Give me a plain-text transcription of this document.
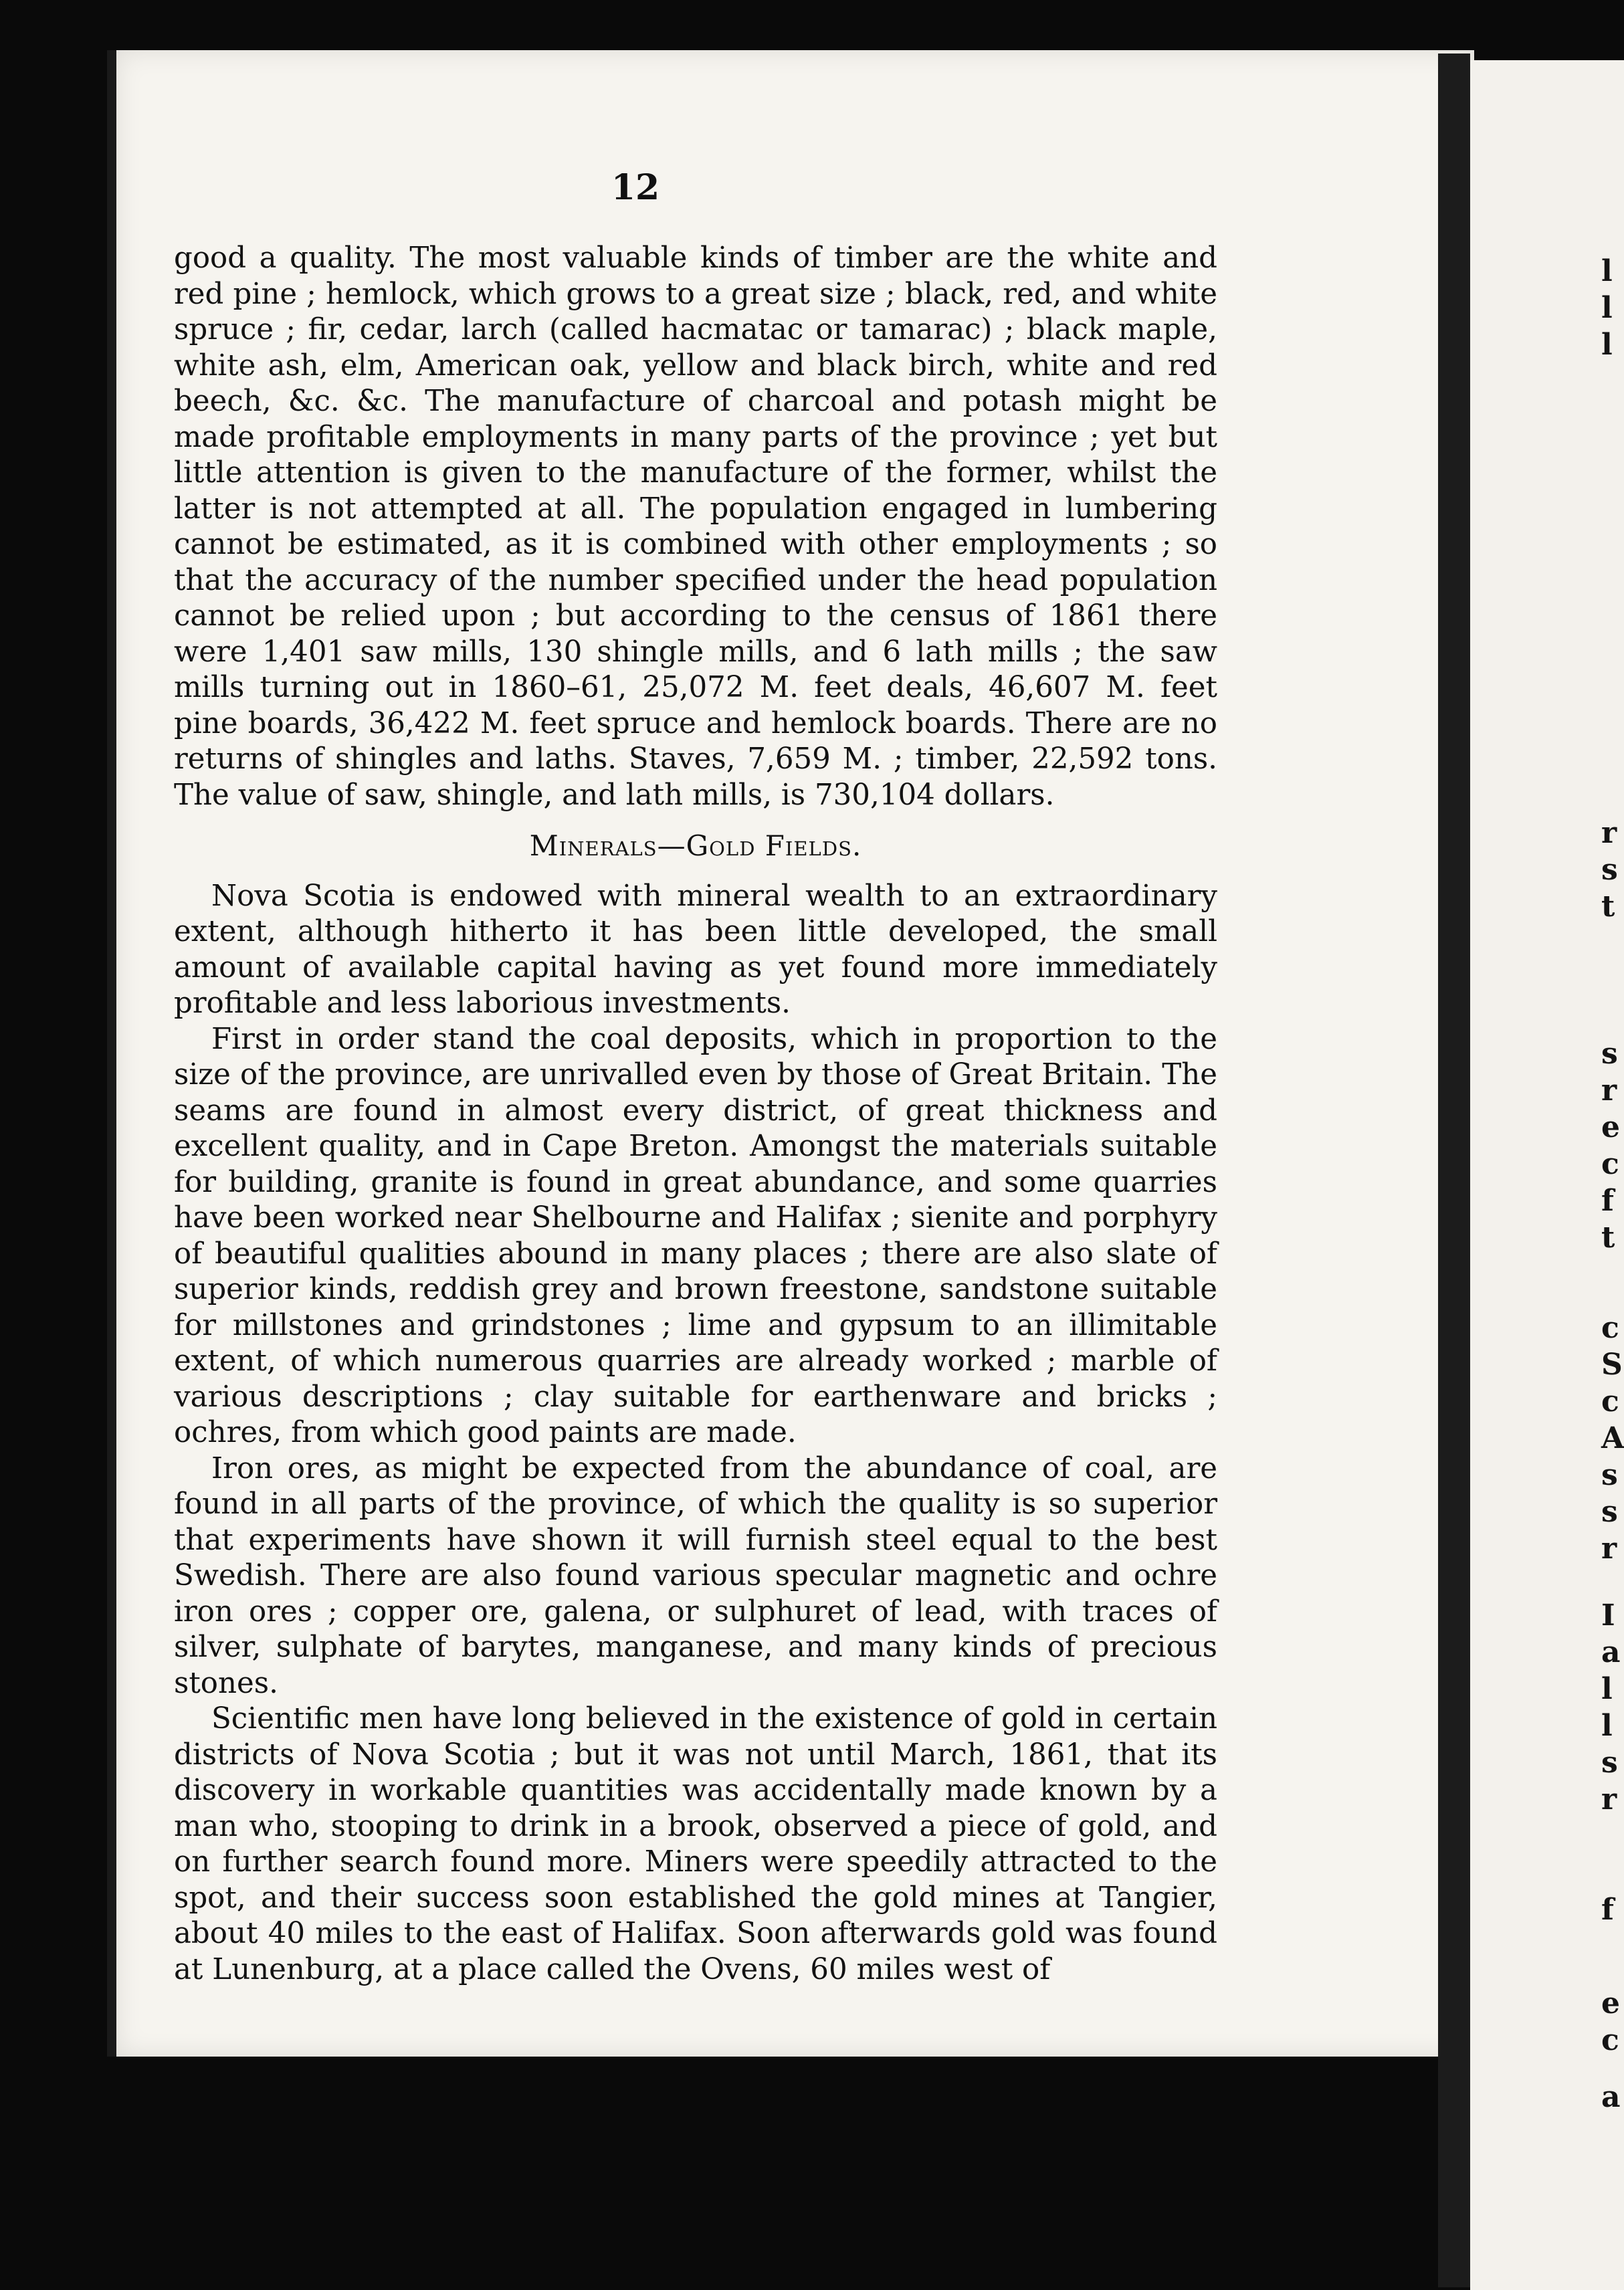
12

good a quality. The most valuable kinds of timber are the white and red pine ; hemlock, which grows to a great size ; black, red, and white spruce ; fir, cedar, larch (called hacmatac or tamarac) ; black maple, white ash, elm, American oak, yellow and black birch, white and red beech, &c. &c. The manufacture of charcoal and potash might be made profitable employments in many parts of the province ; yet but little attention is given to the manufacture of the former, whilst the latter is not attempted at all. The population engaged in lumbering cannot be estimated, as it is combined with other employments ; so that the accuracy of the number specified under the head population cannot be relied upon ; but according to the census of 1861 there were 1,401 saw mills, 130 shingle mills, and 6 lath mills ; the saw mills turning out in 1860–61, 25,072 M. feet deals, 46,607 M. feet pine boards, 36,422 M. feet spruce and hemlock boards. There are no returns of shingles and laths. Staves, 7,659 M. ; timber, 22,592 tons. The value of saw, shingle, and lath mills, is 730,104 dollars.

Minerals—Gold Fields.

Nova Scotia is endowed with mineral wealth to an extraordinary extent, although hitherto it has been little developed, the small amount of available capital having as yet found more immediately profitable and less laborious investments.

First in order stand the coal deposits, which in proportion to the size of the province, are unrivalled even by those of Great Britain. The seams are found in almost every district, of great thickness and excellent quality, and in Cape Breton. Amongst the materials suitable for building, granite is found in great abundance, and some quarries have been worked near Shelbourne and Halifax ; sienite and porphyry of beautiful qualities abound in many places ; there are also slate of superior kinds, reddish grey and brown freestone, sandstone suitable for millstones and grindstones ; lime and gypsum to an illimitable extent, of which numerous quarries are already worked ; marble of various descriptions ; clay suitable for earthenware and bricks ; ochres, from which good paints are made.

Iron ores, as might be expected from the abundance of coal, are found in all parts of the province, of which the quality is so superior that experiments have shown it will furnish steel equal to the best Swedish. There are also found various specular magnetic and ochre iron ores ; copper ore, galena, or sulphuret of lead, with traces of silver, sulphate of barytes, manganese, and many kinds of precious stones.

Scientific men have long believed in the existence of gold in certain districts of Nova Scotia ; but it was not until March, 1861, that its discovery in workable quantities was accidentally made known by a man who, stooping to drink in a brook, observed a piece of gold, and on further search found more. Miners were speedily attracted to the spot, and their success soon established the gold mines at Tangier, about 40 miles to the east of Halifax. Soon afterwards gold was found at Lunenburg, at a place called the Ovens, 60 miles west of

l
l
l
r
s
t
s
r
e
c
f
t
c
S
c
A
s
s
r
I
a
l
l
s
r
f
e
c
a
